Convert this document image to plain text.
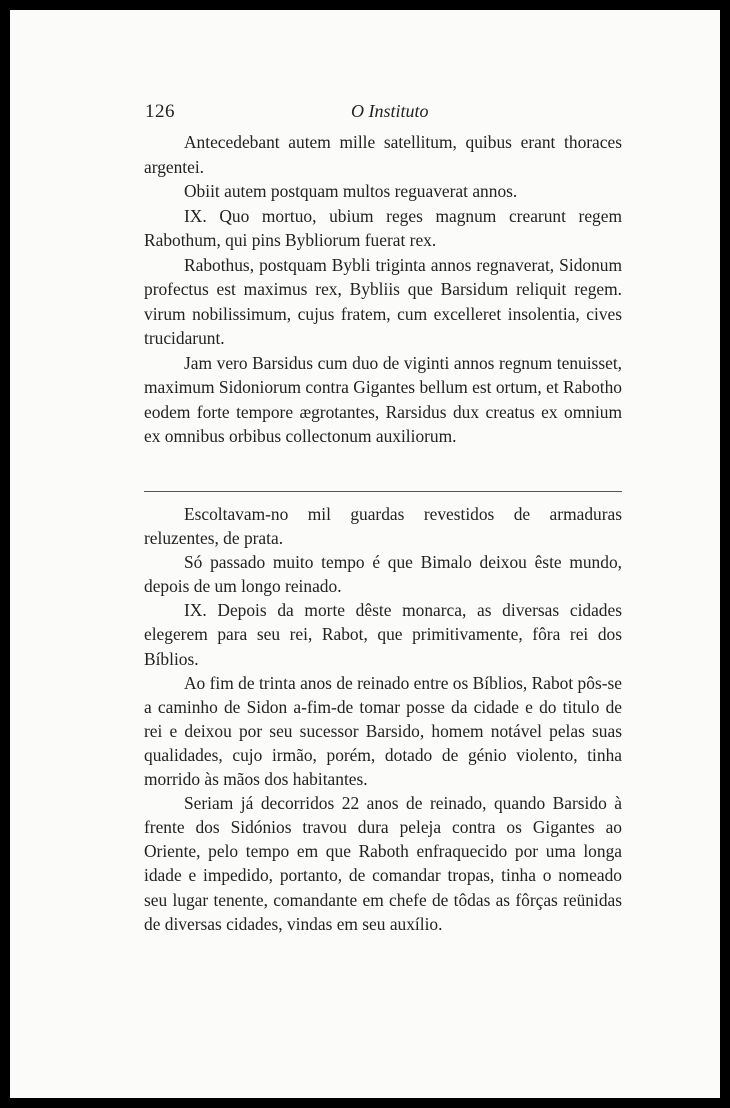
126	O Instituto

Antecedebant autem mille satellitum, quibus erant thoraces argentei.

Obiit autem postquam multos reguaverat annos.

IX. Quo mortuo, ubium reges magnum crearunt regem Rabothum, qui pins Bybliorum fuerat rex.

Rabothus, postquam Bybli triginta annos regnaverat, Sidonum profectus est maximus rex, Bybliis que Barsidum reliquit regem. virum nobilissimum, cujus fratem, cum excelleret insolentia, cives trucidarunt.

Jam vero Barsidus cum duo de viginti annos regnum tenuisset, maximum Sidoniorum contra Gigantes bellum est ortum, et Rabotho eodem forte tempore ægrotantes, Rarsidus dux creatus ex omnium ex omnibus orbibus collectonum auxiliorum.

Escoltavam-no mil guardas revestidos de armaduras reluzentes, de prata.

Só passado muito tempo é que Bimalo deixou êste mundo, depois de um longo reinado.

IX. Depois da morte dêste monarca, as diversas cidades elegerem para seu rei, Rabot, que primitivamente, fôra rei dos Bíblios.

Ao fim de trinta anos de reinado entre os Bíblios, Rabot pôs-se a caminho de Sidon a-fim-de tomar posse da cidade e do titulo de rei e deixou por seu sucessor Barsido, homem notável pelas suas qualidades, cujo irmão, porém, dotado de génio violento, tinha morrido às mãos dos habitantes.

Seriam já decorridos 22 anos de reinado, quando Barsido à frente dos Sidónios travou dura peleja contra os Gigantes ao Oriente, pelo tempo em que Raboth enfraquecido por uma longa idade e impedido, portanto, de comandar tropas, tinha o nomeado seu lugar tenente, comandante em chefe de tôdas as fôrças reünidas de diversas cidades, vindas em seu auxílio.
